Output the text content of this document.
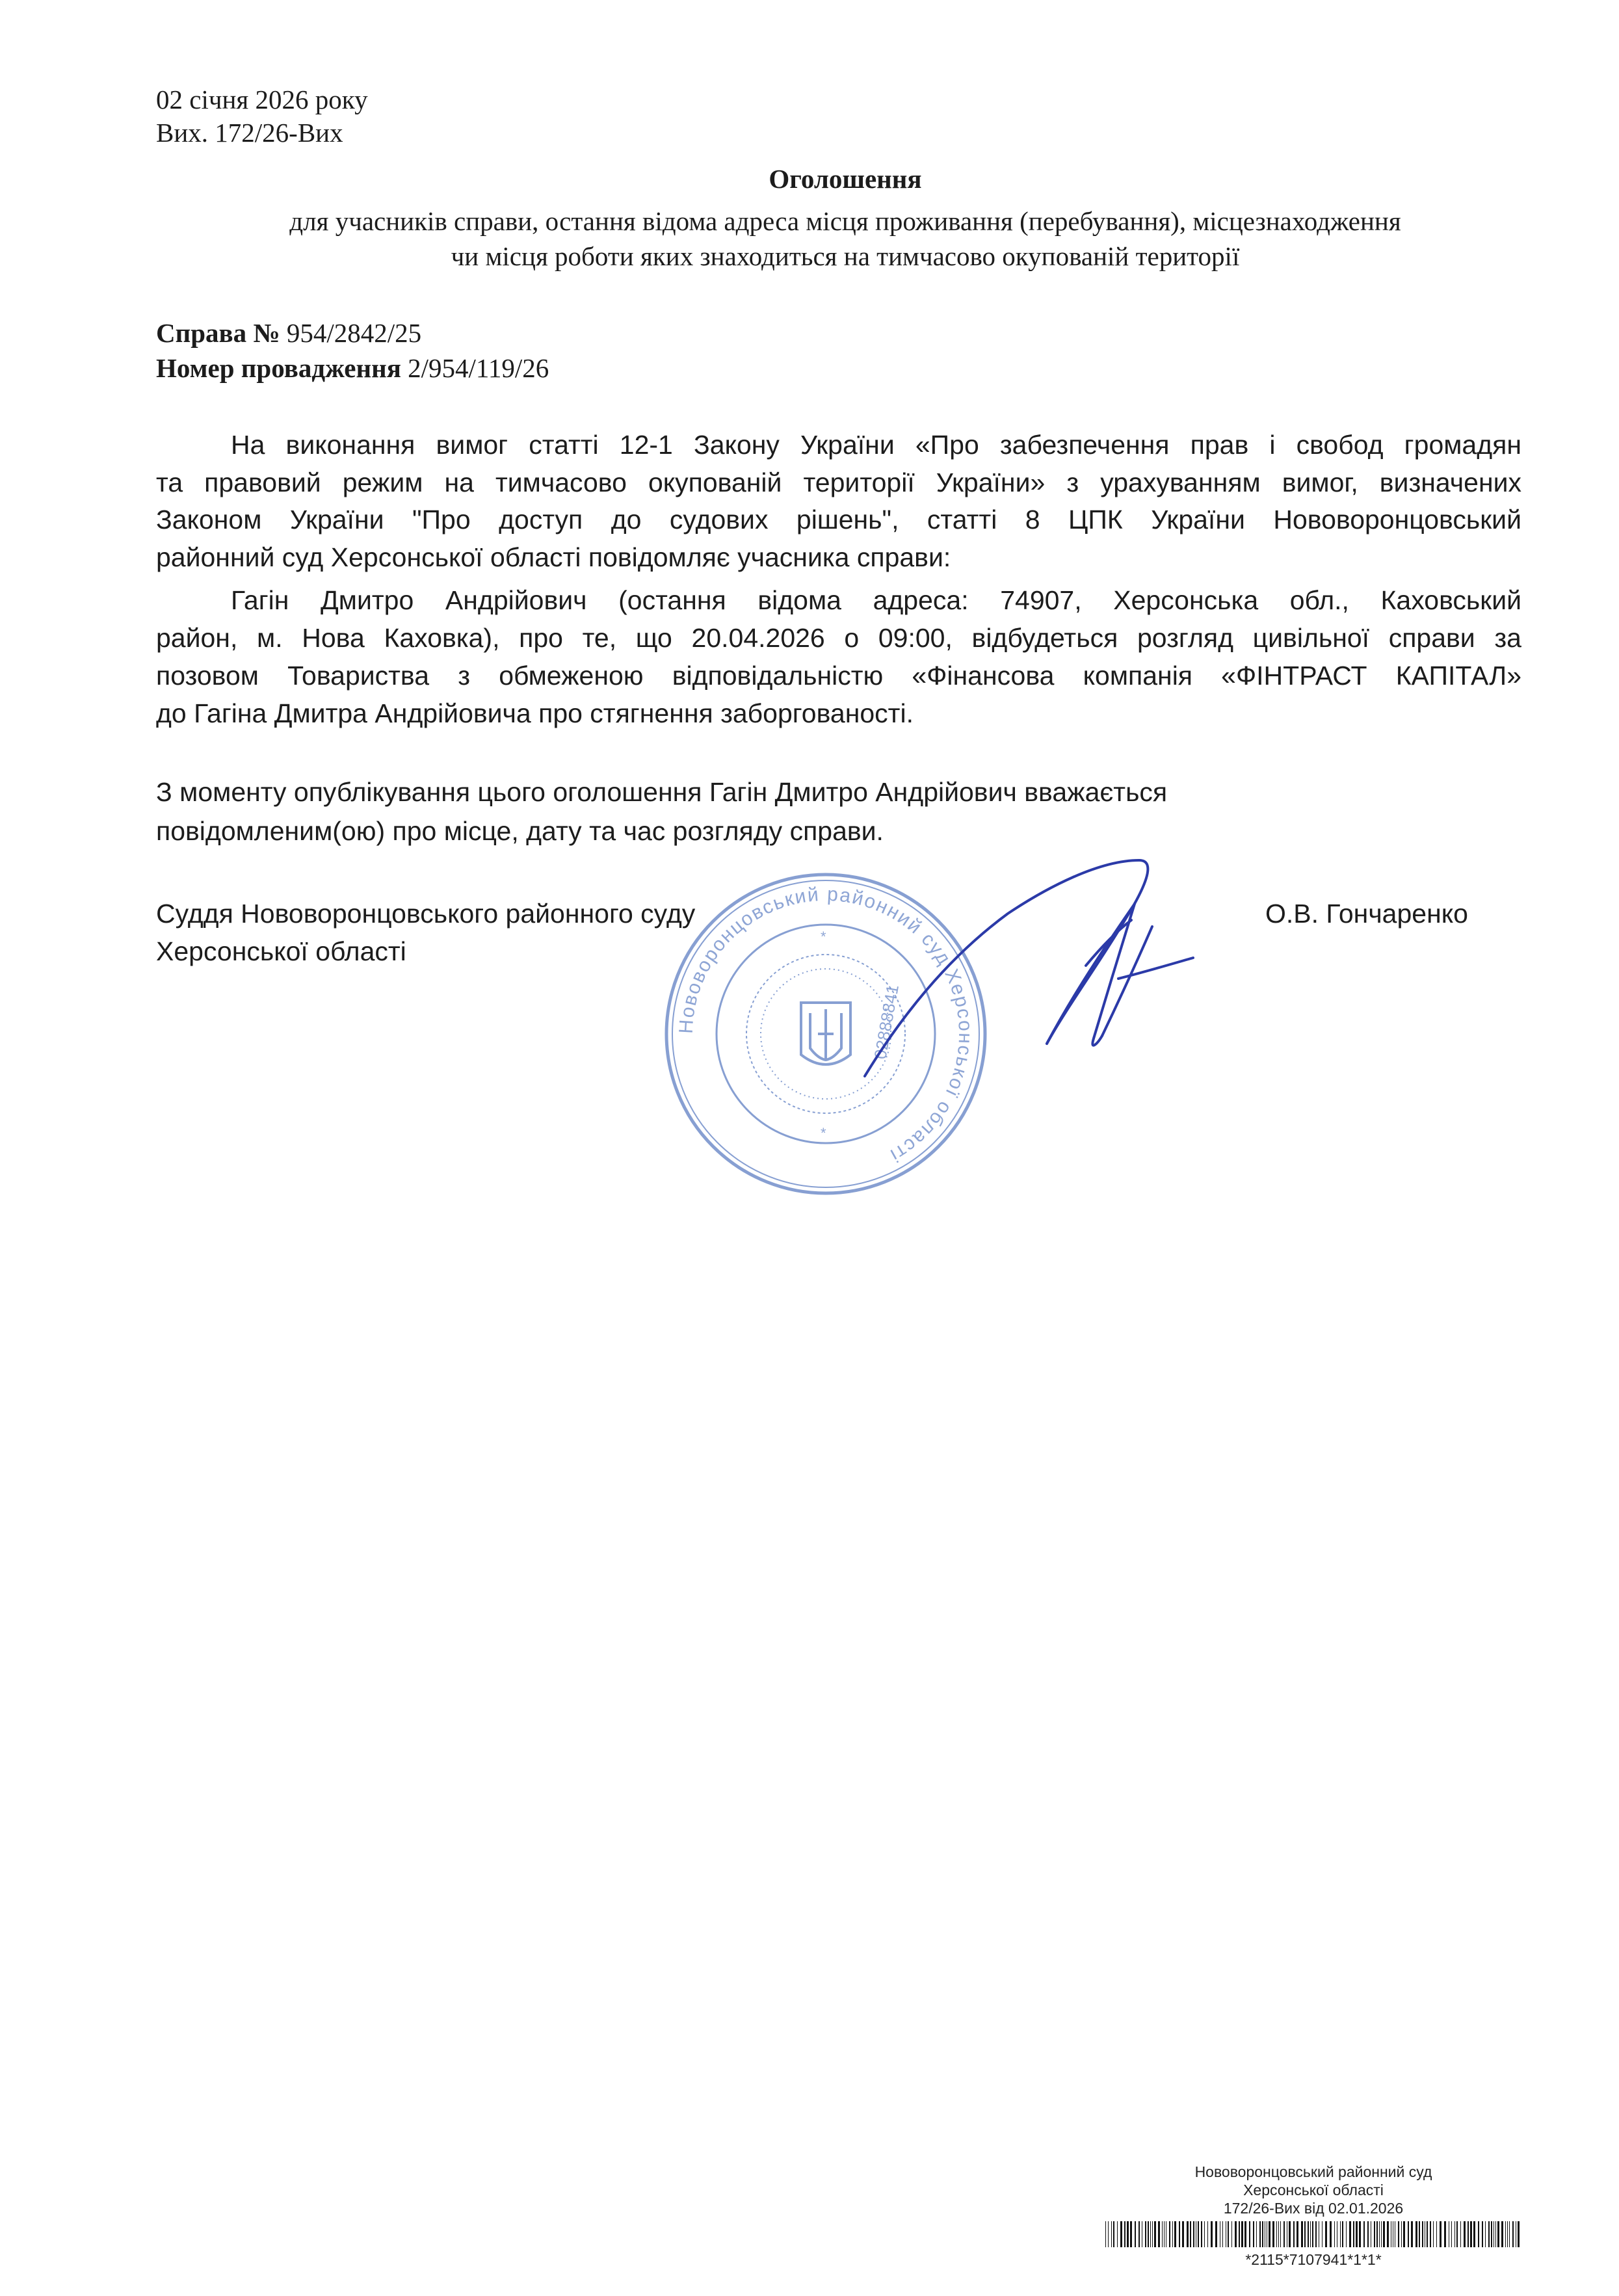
02 січня 2026 року
Вих. 172/26-Вих
Оголошення
для учасників справи, остання відома адреса місця проживання (перебування), місцезнаходження
чи місця роботи яких знаходиться на тимчасово окупованій території
Справа № 954/2842/25
Номер провадження 2/954/119/26
На виконання вимог статті 12-1 Закону України «Про забезпечення прав і свобод громадян
та правовий режим на тимчасово окупованій території України» з урахуванням вимог, визначених
Законом України "Про доступ до судових рішень", статті 8 ЦПК України Нововоронцовський
районний суд Херсонської області повідомляє учасника справи:
Гагін Дмитро Андрійович (остання відома адреса: 74907, Херсонська обл., Каховський
район, м. Нова Каховка), про те, що 20.04.2026 о 09:00, відбудеться розгляд цивільної справи за
позовом Товариства з обмеженою відповідальністю «Фінансова компанія «ФІНТРАСТ КАПІТАЛ»
до Гагіна Дмитра Андрійовича про стягнення заборгованості.
З моменту опублікування цього оголошення Гагін Дмитро Андрійович вважається
повідомленим(ою) про місце, дату та час розгляду справи.
Суддя Нововоронцовського районного суду
Херсонської області
О.В. Гончаренко
Нововоронцовський районний суд Херсонської області
02888841
*
*
Нововоронцовський районний суд
Херсонської області
172/26-Вих від 02.01.2026
*2115*7107941*1*1*
